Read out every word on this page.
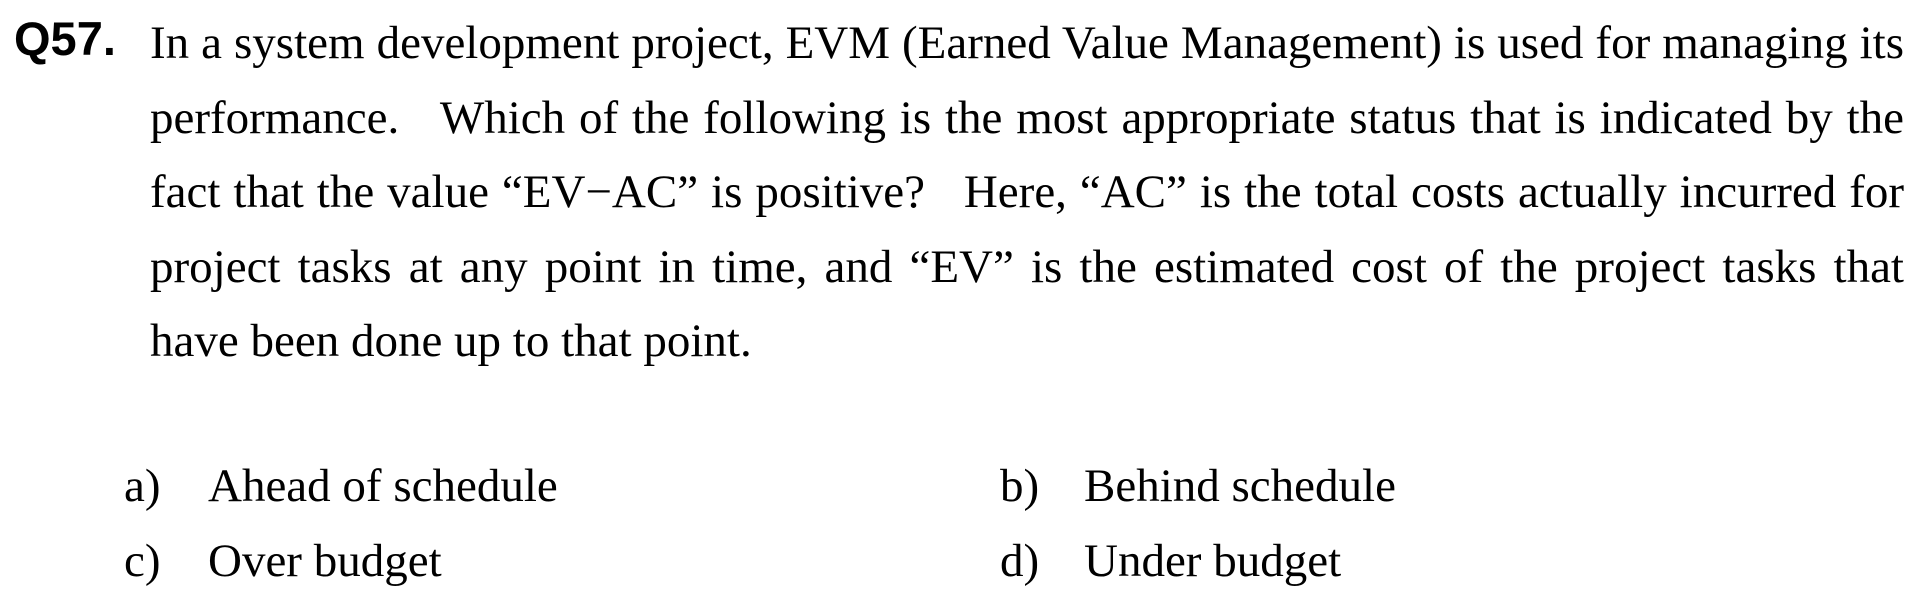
Q57. In a system development project, EVM (Earned Value Management) is used for managing its performance.   Which of the following is the most appropriate status that is indicated by the fact that the value “EV−AC” is positive?   Here, “AC” is the total costs actually incurred for project tasks at any point in time, and “EV” is the estimated cost of the project tasks that have been done up to that point.
a) Ahead of schedule	b) Behind schedule
c) Over budget	d) Under budget
